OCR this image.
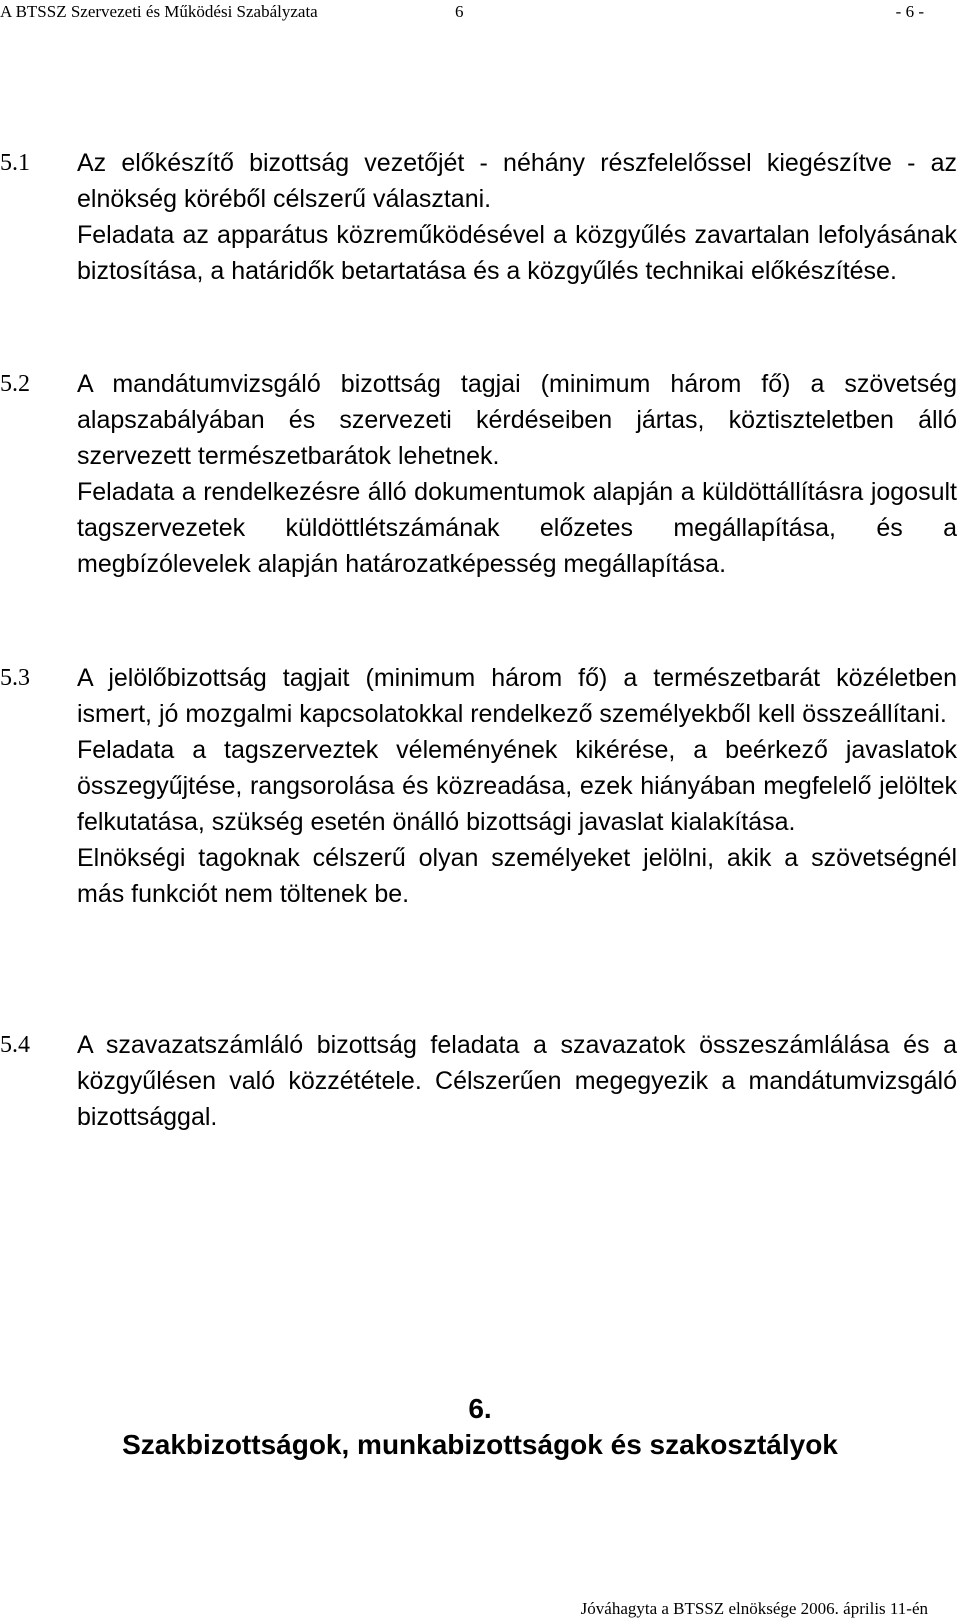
A BTSSZ Szervezeti és Működési Szabályzata	6	- 6 -
5.1 Az előkészítő bizottság vezetőjét - néhány részfelelőssel kiegészítve - az elnökség köréből célszerű választani.

Feladata az apparátus közreműködésével a közgyűlés zavartalan lefolyásának biztosítása, a határidők betartatása és a közgyűlés technikai előkészítése.

5.2 A mandátumvizsgáló bizottság tagjai (minimum három fő) a szövetség alapszabályában és szervezeti kérdéseiben jártas, köztiszteletben álló szervezett természetbarátok lehetnek.

Feladata a rendelkezésre álló dokumentumok alapján a küldöttállításra jogosult tagszervezetek küldöttlétszámának előzetes megállapítása, és a megbízólevelek alapján határozatképesség megállapítása.

5.3 A jelölőbizottság tagjait (minimum három fő) a természetbarát közéletben ismert, jó mozgalmi kapcsolatokkal rendelkező személyekből kell összeállítani.

Feladata a tagszerveztek véleményének kikérése, a beérkező javaslatok összegyűjtése, rangsorolása és közreadása, ezek hiányában megfelelő jelöltek felkutatása, szükség esetén önálló bizottsági javaslat kialakítása.

Elnökségi tagoknak célszerű olyan személyeket jelölni, akik a szövetségnél más funkciót nem töltenek be.

5.4 A szavazatszámláló bizottság feladata a szavazatok összeszámlálása és a közgyűlésen való közzététele. Célszerűen megegyezik a mandátumvizsgáló bizottsággal.

6.
Szakbizottságok, munkabizottságok és szakosztályok
Jóváhagyta a BTSSZ elnöksége 2006. április 11-én
